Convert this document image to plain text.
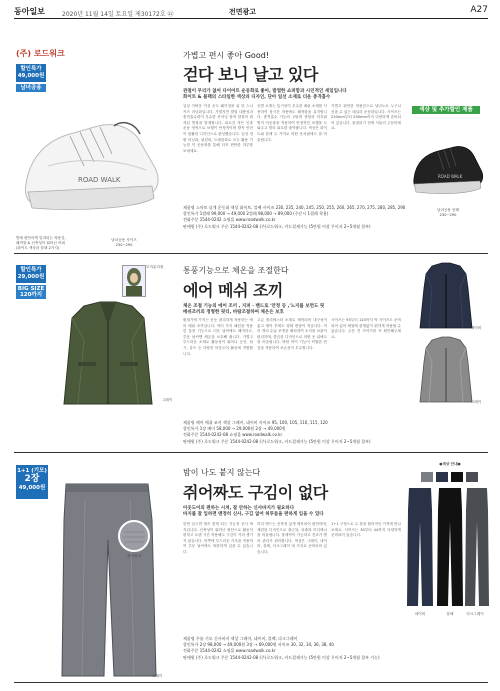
동아일보	2020년 11월 14일 토요일 제30172호 ㊷	전면광고	A27
(주) 로드워크
할인특가
49,000원
남녀공용
가볍고 편시 좋아 Good!
걷다 보니 날고 있다
관절이 무리가 없어 다이어트 운동화로 좋아, 발열한 쇼퍼함과 시인적인 세일입니다
화이트 & 블랙의 스타일한 색상과 디자인, 단아 일선 소재로 더운 충격흡수
ROAD WALK
발에 편안하게 밀착되는 착용감, 쾌적함 & 신축성이 뛰어난 어퍼 (화이트 색상과 블랙 2가지)
남녀공용 사이즈
230~290
일상 가벼운 이상 운도 패키징을 위 한 스니커즈 러닝화입니다. 가볍지만 발열 내충성과 충격흡수력이 우수한 쿠셔닝 장착 깔창과 접착된 발볼을 탑재합니다. 피로감 적은 인솔 운동 영역으로 보행이 안정적이며 발목 안전이 원활한 디자인으로 완성했습니다. 일상 경량 러닝화, 워킹화, 트레킹화로 모두 활용 가능한 이 운동화를 통해 더욱 편안한 하루를 보내세요.
신발 소재는 통기성이 우수한 메쉬 소재를 사용하여 장시간 착용에도 쾌적함을 유지합니다. 충격흡수 기능의 고탄력 중창과 미끄럼 방지 아웃솔을 적용하여 안정적인 보행을 도와주고 발의 피로를 줄여줍니다. 색상은 화이트와 블랙 두 가지로 어떤 옷차림에도 잘 어울립니다.
가볍고 편안한 착용감으로 남녀노소 누구나 신을 수 있는 데일리 운동화입니다. 사이즈는 230mm부터 290mm까지 다양하게 준비되어 있습니다. 품절되기 전에 서둘러 주문하세요.
색상 및 추가할인 제품
ROAD WALK
남녀공용 블랙
230~290
제품명 스마트 날개 운동화 색상 화이트, 블랙 사이즈 230, 235, 240, 245, 250, 255, 260, 265, 270, 275, 280, 285, 290
할인특가 1켤레 99,000 → 49,000 2켤레 98,000 → 89,000 (주문시 1켤레 착용)
전화주문 1544-0242 쇼핑몰 www.roadwalk.co.kr
판매원 (주) 로드워크 주문 1544-0242-08 (주)로드워크, 카드결제가능 (5만원 이상 무이자 2~5개월 할부)
할인특가
29,000원
BIG SIZE
120까지
모자분리형
그레이
통풍기능으로 체온을 조절한다
에어 메쉬 조끼
체온 조절 기능의 에어 조끼 , 지퍼 · 밴드로 '안정 등 ,'노지를 보련도 핏
메쉬조끼의 정형한 핏티, 바람조절하여 체온은 보호
환절기에 가지는 운동 편리하게 착용하는 에어 메쉬 조끼입니다. 여러 가지 패턴을 적용한 통풍 기능으로 더운 날씨에도 쾌적하고, 추운 날씨엔 체온을 보호해 줍니다. 가볍고 부드러운 소재로 활동성이 뛰어나 등산, 낚시, 골프 등 다양한 아웃도어 활동에 적합합니다.
고급 폴리에스터 소재로 제작되어 내구성이 좋고 세탁 후에도 형태 변형이 적습니다. 여러 개의 수납 포켓을 배치하여 소지품 보관이 편리하며, 깔끔한 디자인으로 어떤 옷 위에도 잘 어울립니다. 바람 막이 기능이 탁월한 안감을 적용하여 보온성이 우수합니다.
사이즈는 95부터 120까지 빅 사이즈도 준비되어 있어 체형에 관계없이 편하게 착용할 수 있습니다. 주문 전 사이즈를 꼭 확인해주세요.
네이비
그레이
제품명 에어 메쉬 조끼 색상 그레이, 네이비 사이즈 95, 100, 105, 110, 115, 120
할인특가 1장 베이 58,000 → 29,000원 2장 → 49,000원
전화주문 1544-0242-08 쇼핑몰 www.roadwalk.co.kr
판매원 (주) 로드워크 주문 1544-0242-08 (주)로드워크, 카드결제가능 (5만원 이상 무이자 2~5개월 할부)
1+1 (기모)
2장
49,000원
그레이
원단확대
밤이 나도 붙지 않는다
쥐어짜도 구김이 없다
아웃도어의 편하는 시쳐, 잘 안하는 신사바지가 필요하다
바지를 잘 입하면 맨정히 신사, 구김 없어 허투들을 편하게 입을 수 있다
한번 입으면 계속 찾게 되는 기능성 신사 바지입니다. 신축성이 뛰어난 원단으로 활동이 편하고 오랜 시간 착용해도 구김이 거의 생기지 않습니다. 안쪽에 부드러운 기모를 적용하여 추운 날씨에도 따뜻하게 입을 수 있습니다.
허리 밴드는 신축성 있게 제작되어 편안하며, 세련된 디자인으로 출근복, 외출복 어디에나 잘 어울립니다. 물세탁이 가능하고 건조가 빨라 관리가 편리합니다. 색상은 그레이, 네이비, 블랙, 다크그레이 네 가지로 준비되어 있습니다.
1+1 구성으로 두 장을 합리적인 가격에 만나보세요. 사이즈는 30부터 44까지 다양하게 준비되어 있습니다.
●색상 안내●
네이비	블랙	다크그레이
제품명 주름 기모 신사바지 색상 그레이, 네이비, 블랙, 다크그레이
할인특가 2장 98,000 → 49,000원 3장 → 69,000원 사이즈 30, 32, 34, 36, 38, 40
전화주문 1544-0242 쇼핑몰 www.roadwalk.co.kr
판매원 (주) 로드워크 주문 1544-0242-08 (주)로드워크, 카드결제가능 (5만원 이상 무이자 2~5개월 할부 가능)
